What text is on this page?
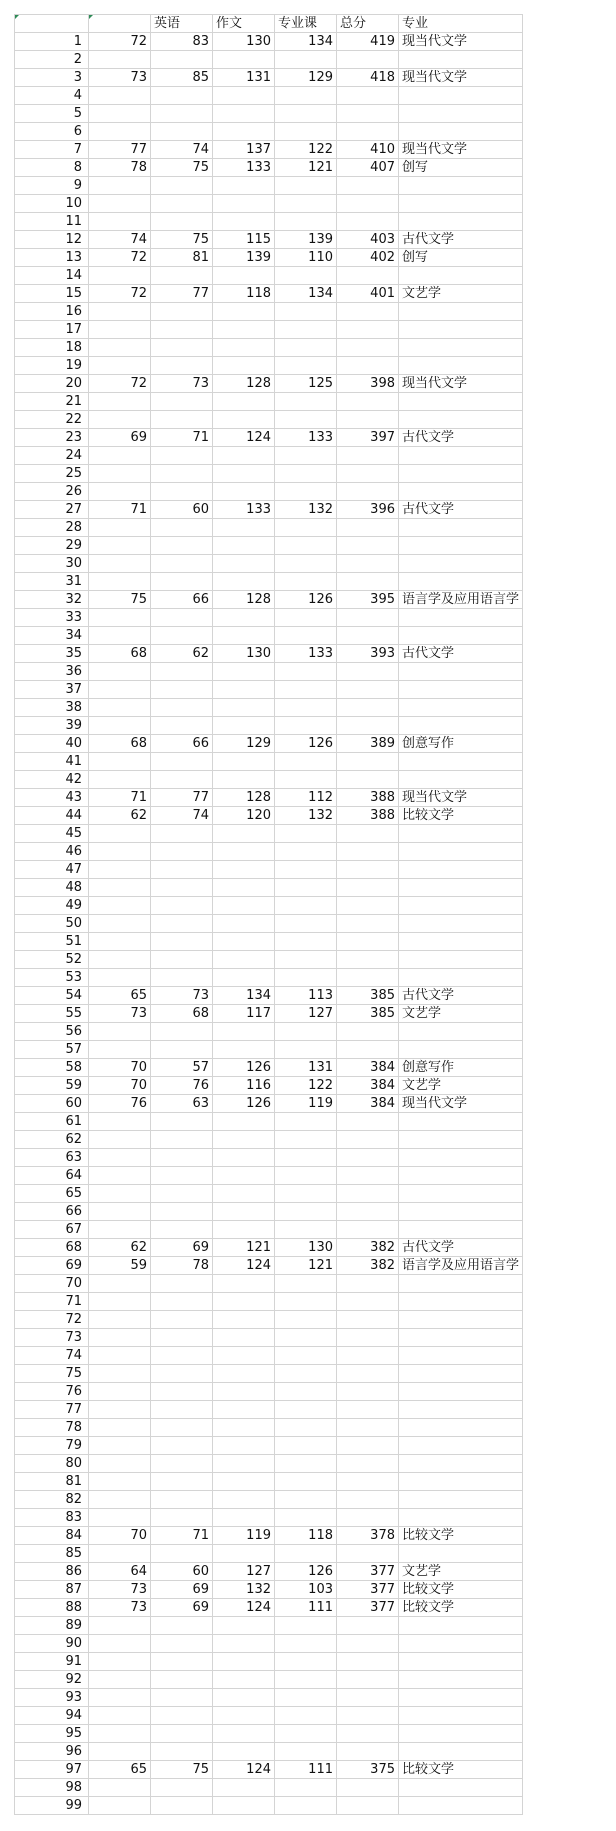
		英语	作文	专业课	总分	专业
1	72	83	130	134	419	现当代文学
2						
3	73	85	131	129	418	现当代文学
4						
5						
6						
7	77	74	137	122	410	现当代文学
8	78	75	133	121	407	创写
9						
10						
11						
12	74	75	115	139	403	古代文学
13	72	81	139	110	402	创写
14						
15	72	77	118	134	401	文艺学
16						
17						
18						
19						
20	72	73	128	125	398	现当代文学
21						
22						
23	69	71	124	133	397	古代文学
24						
25						
26						
27	71	60	133	132	396	古代文学
28						
29						
30						
31						
32	75	66	128	126	395	语言学及应用语言学
33						
34						
35	68	62	130	133	393	古代文学
36						
37						
38						
39						
40	68	66	129	126	389	创意写作
41						
42						
43	71	77	128	112	388	现当代文学
44	62	74	120	132	388	比较文学
45						
46						
47						
48						
49						
50						
51						
52						
53						
54	65	73	134	113	385	古代文学
55	73	68	117	127	385	文艺学
56						
57						
58	70	57	126	131	384	创意写作
59	70	76	116	122	384	文艺学
60	76	63	126	119	384	现当代文学
61						
62						
63						
64						
65						
66						
67						
68	62	69	121	130	382	古代文学
69	59	78	124	121	382	语言学及应用语言学
70						
71						
72						
73						
74						
75						
76						
77						
78						
79						
80						
81						
82						
83						
84	70	71	119	118	378	比较文学
85						
86	64	60	127	126	377	文艺学
87	73	69	132	103	377	比较文学
88	73	69	124	111	377	比较文学
89						
90						
91						
92						
93						
94						
95						
96						
97	65	75	124	111	375	比较文学
98						
99						
